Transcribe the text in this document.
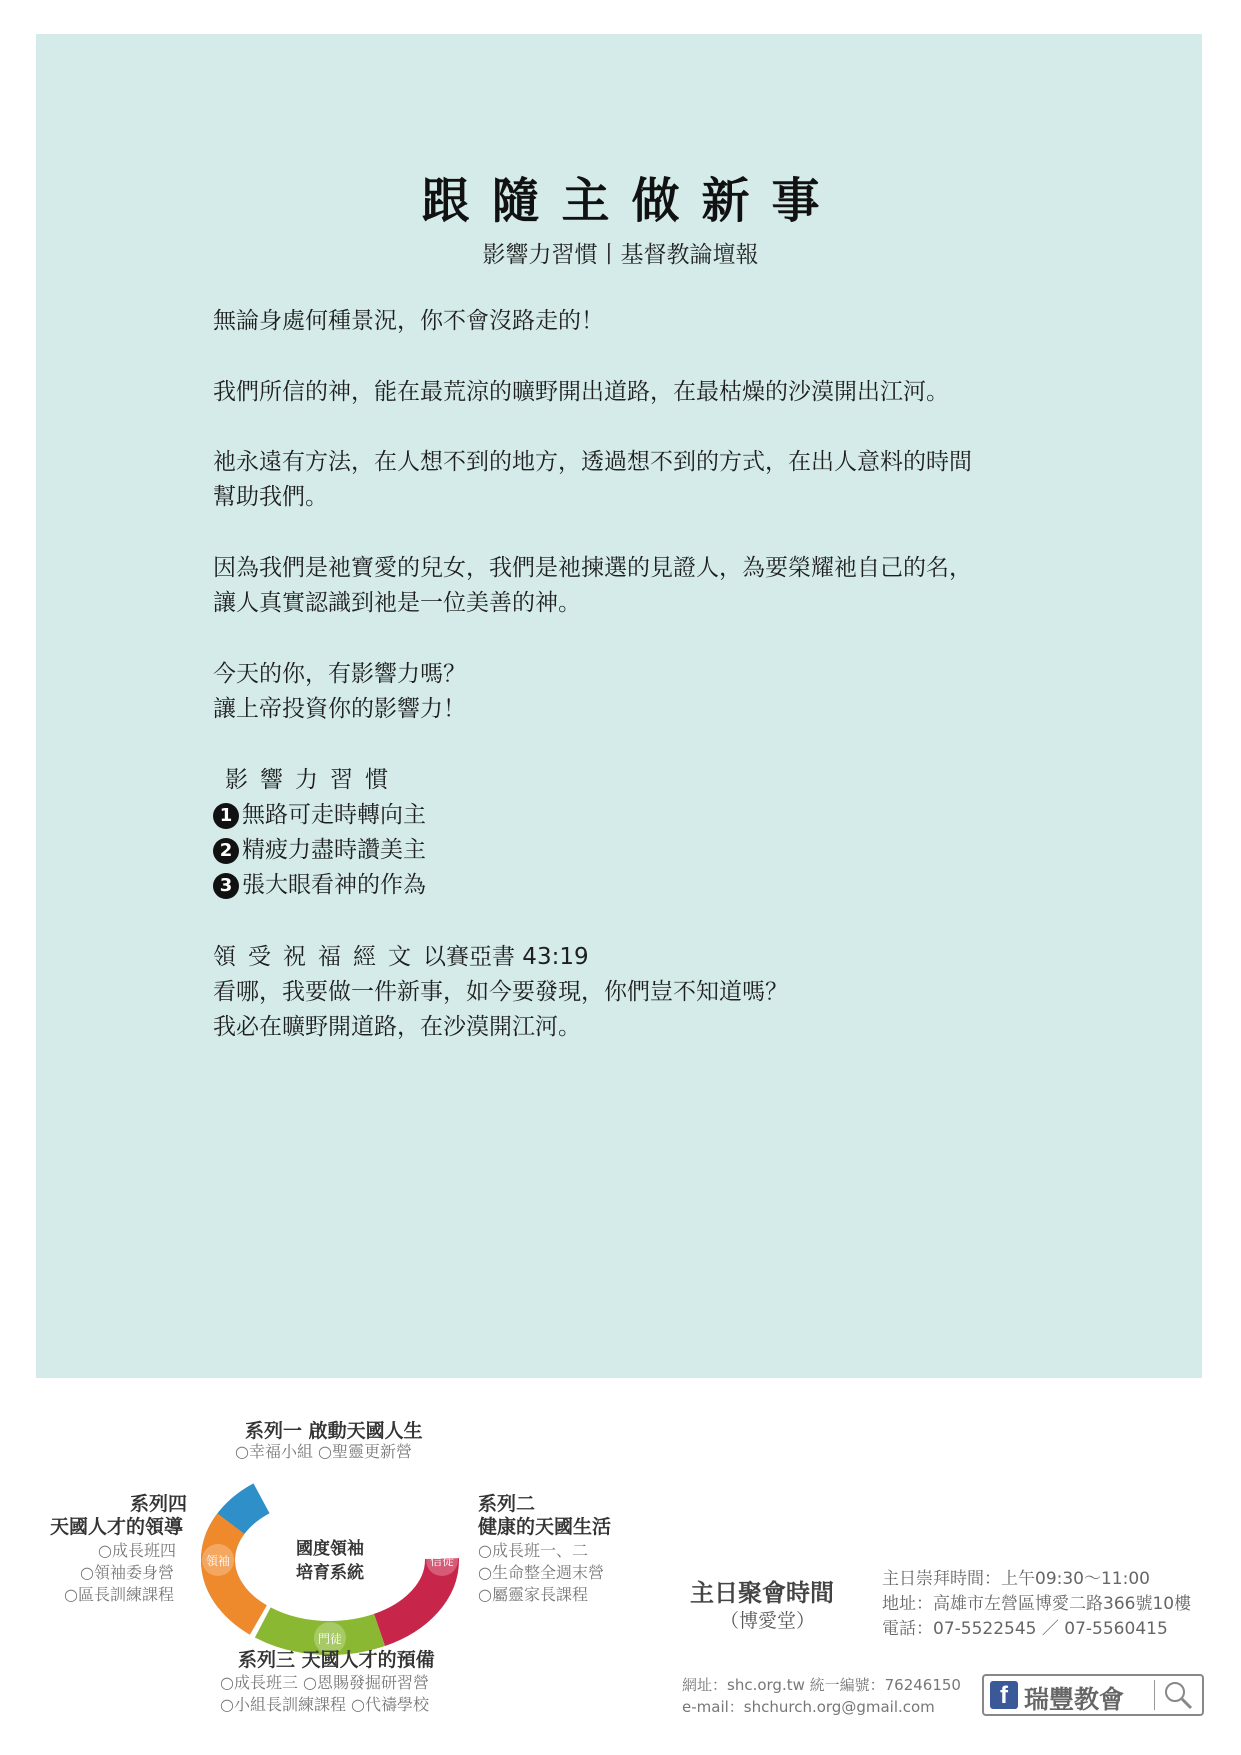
跟隨主做新事
影響力習慣丨基督教論壇報
無論身處何種景況，你不會沒路走的！
我們所信的神，能在最荒涼的曠野開出道路，在最枯燥的沙漠開出江河。
祂永遠有方法，在人想不到的地方，透過想不到的方式，在出人意料的時間
幫助我們。
因為我們是祂寶愛的兒女，我們是祂揀選的見證人，為要榮耀祂自己的名，
讓人真實認識到祂是一位美善的神。
今天的你，有影響力嗎？
讓上帝投資你的影響力！
影響力習慣
1 無路可走時轉向主
2 精疲力盡時讚美主
3 張大眼看神的作為
領受祝福經文以賽亞書 43:19
看哪，我要做一件新事，如今要發現，你們豈不知道嗎？
我必在曠野開道路，在沙漠開江河。
慕道
信徒
門徒
領袖
國度領袖
培育系統
系列一 啟動天國人生
○幸福小組 ○聖靈更新營
系列二
健康的天國生活
○成長班一、二
○生命整全週末營
○屬靈家長課程
系列三 天國人才的預備
○成長班三 ○恩賜發掘研習營
○小組長訓練課程 ○代禱學校
系列四
天國人才的領導
○成長班四
○領袖委身營
○區長訓練課程	主日聚會時間
（博愛堂）
主日崇拜時間：上午09:30～11:00
地址：高雄市左營區博愛二路366號10樓
電話：07-5522545 ／ 07-5560415
網址：shc.org.tw 統一編號：76246150
e-mail：shchurch.org@gmail.com	f 瑞豐教會
